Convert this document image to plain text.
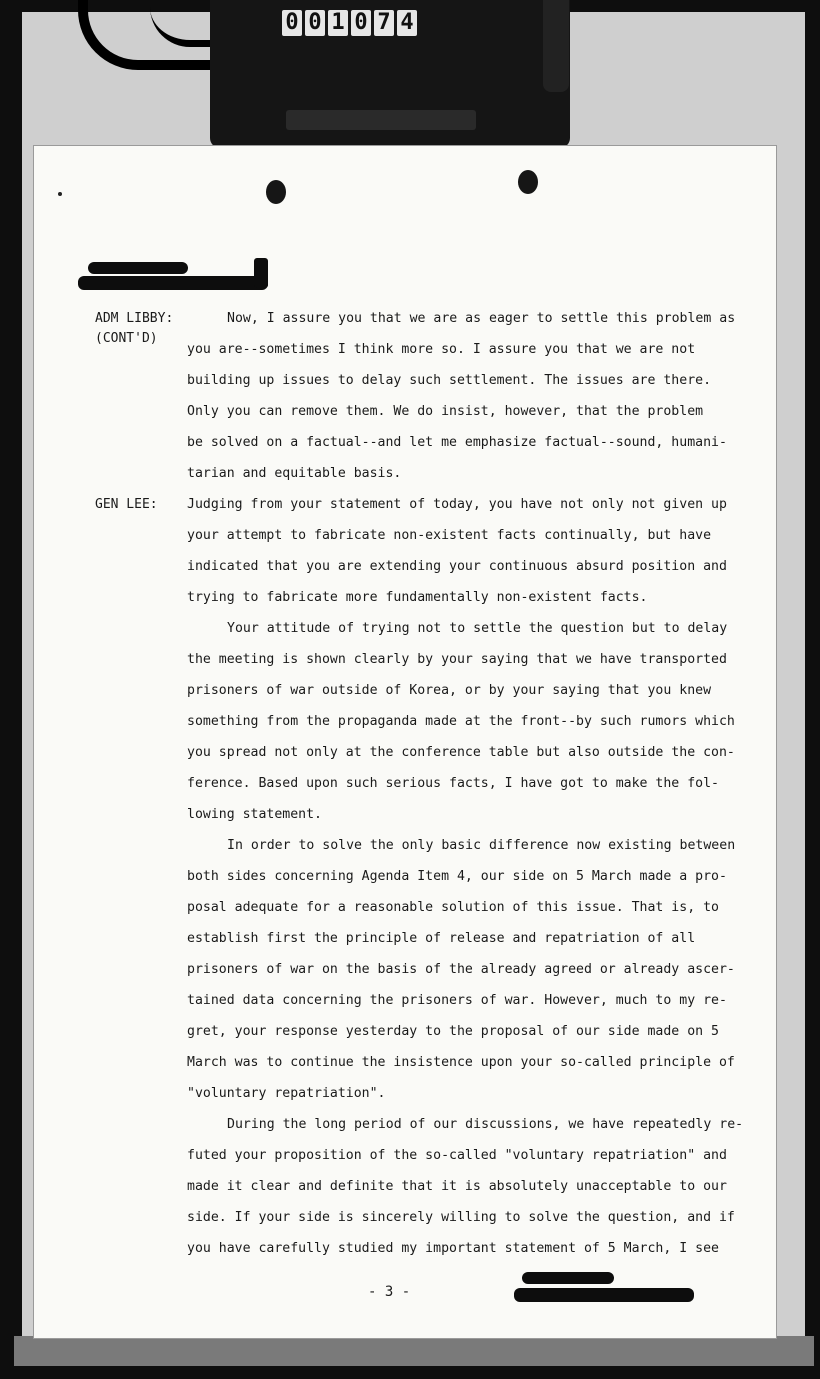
0 0 1 0 7 4
ADM LIBBY:
(CONT'D)
GEN LEE:
Now, I assure you that we are as eager to settle this problem as
you are--sometimes I think more so. I assure you that we are not
building up issues to delay such settlement. The issues are there.
Only you can remove them. We do insist, however, that the problem
be solved on a factual--and let me emphasize factual--sound, humani-
tarian and equitable basis.
Judging from your statement of today, you have not only not given up
your attempt to fabricate non-existent facts continually, but have
indicated that you are extending your continuous absurd position and
trying to fabricate more fundamentally non-existent facts.
Your attitude of trying not to settle the question but to delay
the meeting is shown clearly by your saying that we have transported
prisoners of war outside of Korea, or by your saying that you knew
something from the propaganda made at the front--by such rumors which
you spread not only at the conference table but also outside the con-
ference. Based upon such serious facts, I have got to make the fol-
lowing statement.
In order to solve the only basic difference now existing between
both sides concerning Agenda Item 4, our side on 5 March made a pro-
posal adequate for a reasonable solution of this issue. That is, to
establish first the principle of release and repatriation of all
prisoners of war on the basis of the already agreed or already ascer-
tained data concerning the prisoners of war. However, much to my re-
gret, your response yesterday to the proposal of our side made on 5
March was to continue the insistence upon your so-called principle of
"voluntary repatriation".
During the long period of our discussions, we have repeatedly re-
futed your proposition of the so-called "voluntary repatriation" and
made it clear and definite that it is absolutely unacceptable to our
side. If your side is sincerely willing to solve the question, and if
you have carefully studied my important statement of 5 March, I see
- 3 -
